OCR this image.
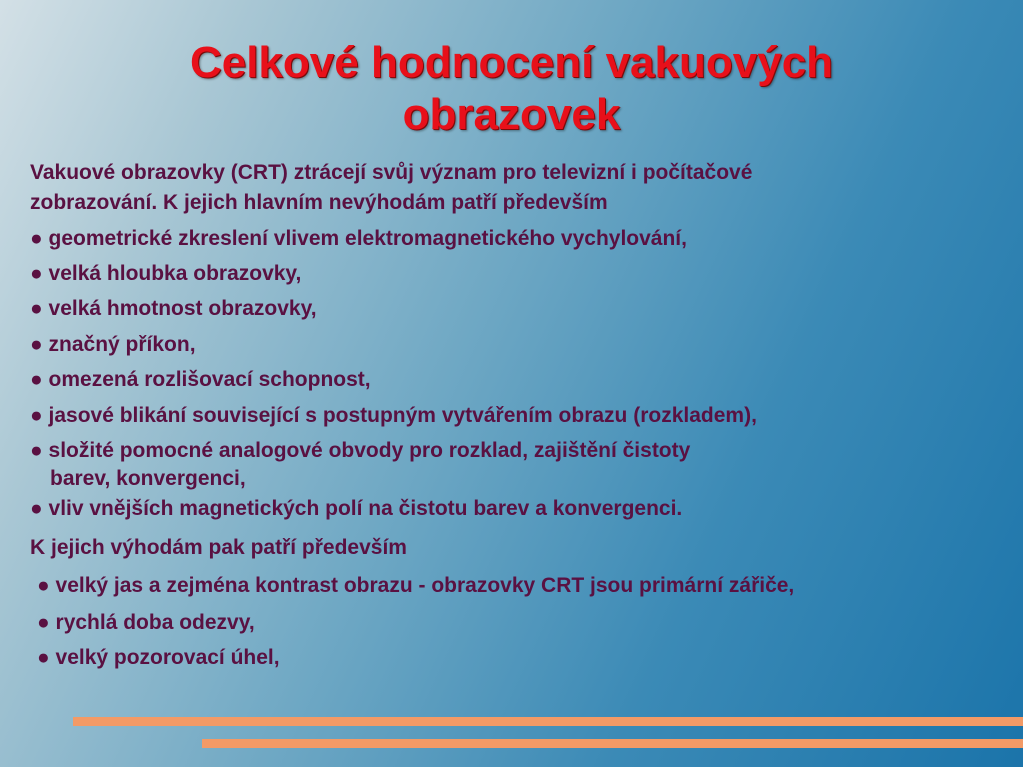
Celkové hodnocení vakuových
obrazovek

Vakuové obrazovky (CRT) ztrácejí svůj význam pro televizní i počítačové

zobrazování. K jejich hlavním nevýhodám patří především

● geometrické zkreslení vlivem elektromagnetického vychylování,

● velká hloubka obrazovky,

● velká hmotnost obrazovky,

● značný příkon,

● omezená rozlišovací schopnost,

● jasové blikání související s postupným vytvářením obrazu (rozkladem),

● složité pomocné analogové obvody pro rozklad, zajištění čistoty

barev, konvergenci,

● vliv vnějších magnetických polí na čistotu barev a konvergenci.

K jejich výhodám pak patří především

● velký jas a zejména kontrast obrazu - obrazovky CRT jsou primární zářiče,

● rychlá doba odezvy,

● velký pozorovací úhel,
